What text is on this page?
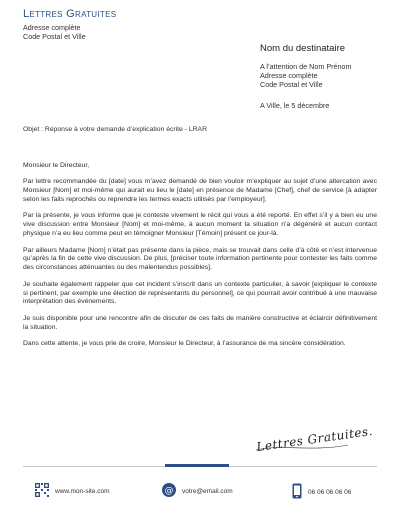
Lettres Gratuites
Adresse complète
Code Postal et Ville
Nom du destinataire
A l’attention de Nom Prénom
Adresse complète
Code Postal et Ville
A Ville, le 5 décembre
Objet : Réponse à votre demande d’explication écrite - LRAR

Monsieur le Directeur,

Par lettre recommandée du [date] vous m’avez demandé de bien vouloir m’expliquer au sujet d’une altercation avec Monsieur [Nom] et moi-même qui aurait eu lieu le [date] en présence de Madame [Chef], chef de service [à adapter selon les faits reprochés ou reprendre les termes exacts utilisés par l’employeur].

Par la présente, je vous informe que je conteste vivement le récit qui vous a été reporté. En effet s’il y a bien eu une vive discussion entre Monsieur [Nom] et moi-même, à aucun moment la situation n’a dégénéré et aucun contact physique n’a eu lieu comme peut en témoigner Monsieur [Témoin] présent ce jour-là.

Par ailleurs Madame [Nom] n’était pas présente dans la pièce, mais se trouvait dans celle d’à côté et n’est intervenue qu’après la fin de cette vive discussion. De plus, [préciser toute information pertinente pour contester les faits comme des circonstances atténuantes ou des malentendus possibles].

Je souhaite également rappeler que cet incident s’inscrit dans un contexte particulier, à savoir [expliquer le contexte si pertinent, par exemple une élection de représentants du personnel], ce qui pourrait avoir contribué à une mauvaise interprétation des événements.

Je suis disponible pour une rencontre afin de discuter de ces faits de manière constructive et éclaircir définitivement la situation.

Dans cette attente, je vous prie de croire, Monsieur le Directeur, à l’assurance de ma sincère considération.

Lettres Gratuites.
www.mon-site.com	@ votre@email.com	06 06 06 06 06
